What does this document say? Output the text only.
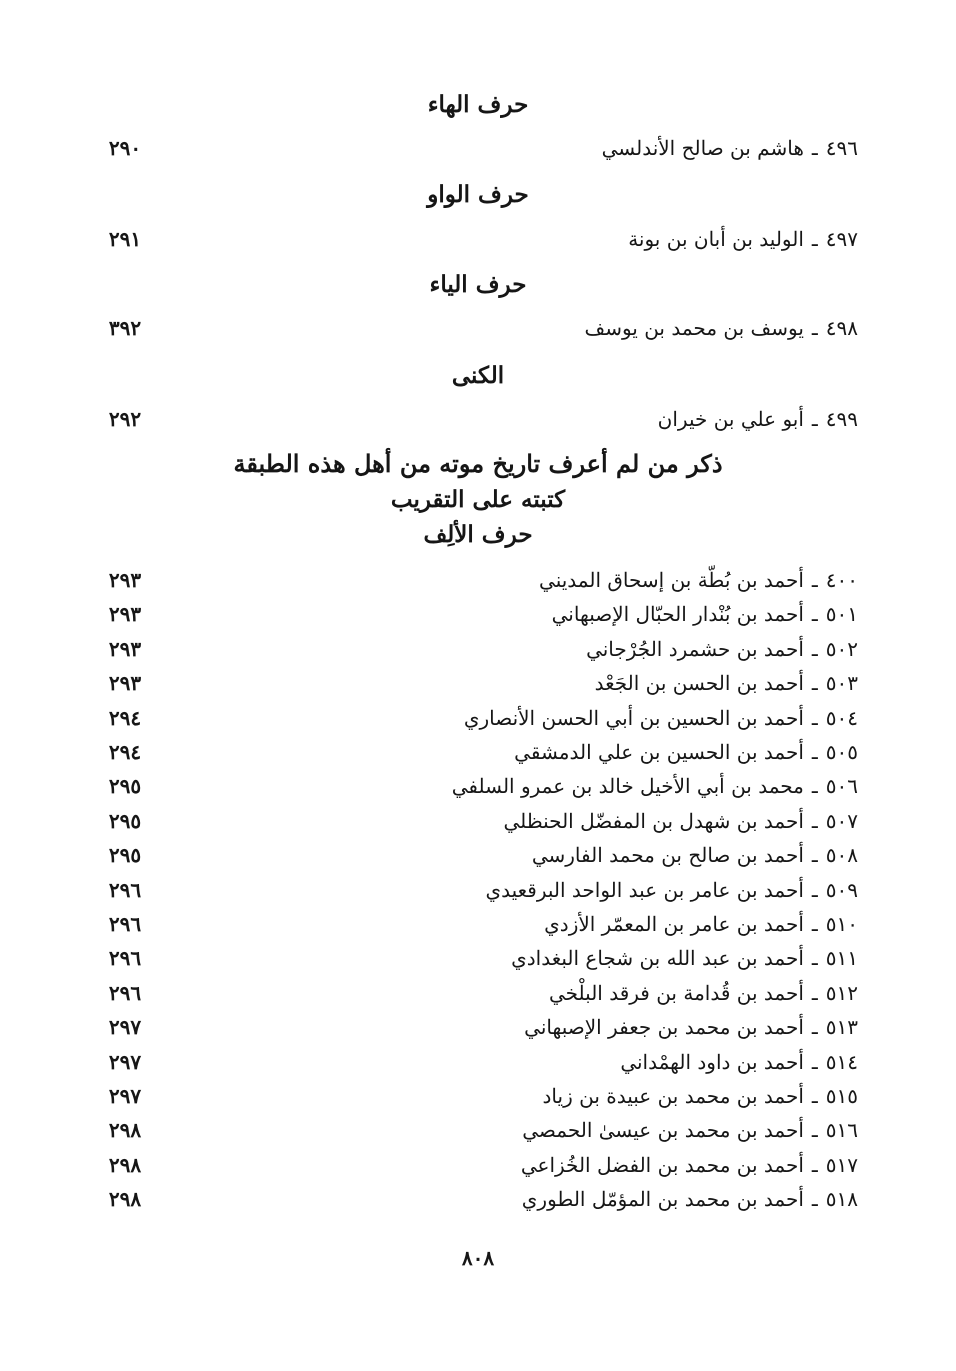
حرف الهاء
٤٩٦ـهاشم بن صالح الأندلسي
٢٩٠
حرف الواو
٤٩٧ـالوليد بن أبان بن بونة
٢٩١
حرف الياء
٤٩٨ـيوسف بن محمد بن يوسف
٣٩٢
الكنى
٤٩٩ـأبو علي بن خيران
٢٩٢
ذكر من لم أعرف تاريخ موته من أهل هذه الطبقة
كتبته على التقريب
حرف الألِف
٤٠٠ـأحمد بن بُطّة بن إسحاق المديني
٢٩٣
٥٠١ـأحمد بن بُنْدار الحبّال الإصبهاني
٢٩٣
٥٠٢ـأحمد بن حشمرد الجُرْجاني
٢٩٣
٥٠٣ـأحمد بن الحسن بن الجَعْد
٢٩٣
٥٠٤ـأحمد بن الحسين بن أبي الحسن الأنصاري
٢٩٤
٥٠٥ـأحمد بن الحسين بن علي الدمشقي
٢٩٤
٥٠٦ـمحمد بن أبي الأخيل خالد بن عمرو السلفي
٢٩٥
٥٠٧ـأحمد بن شهدل بن المفضّل الحنظلي
٢٩٥
٥٠٨ـأحمد بن صالح بن محمد الفارسي
٢٩٥
٥٠٩ـأحمد بن عامر بن عبد الواحد البرقعيدي
٢٩٦
٥١٠ـأحمد بن عامر بن المعمّر الأزدي
٢٩٦
٥١١ـأحمد بن عبد الله بن شجاع البغدادي
٢٩٦
٥١٢ـأحمد بن قُدامة بن فرقد البلْخي
٢٩٦
٥١٣ـأحمد بن محمد بن جعفر الإصبهاني
٢٩٧
٥١٤ـأحمد بن داود الهمْداني
٢٩٧
٥١٥ـأحمد بن محمد بن عبيدة بن زياد
٢٩٧
٥١٦ـأحمد بن محمد بن عيسىٰ الحمصي
٢٩٨
٥١٧ـأحمد بن محمد بن الفضل الخُزاعي
٢٩٨
٥١٨ـأحمد بن محمد بن المؤمّل الطوري
٢٩٨
٨٠٨
